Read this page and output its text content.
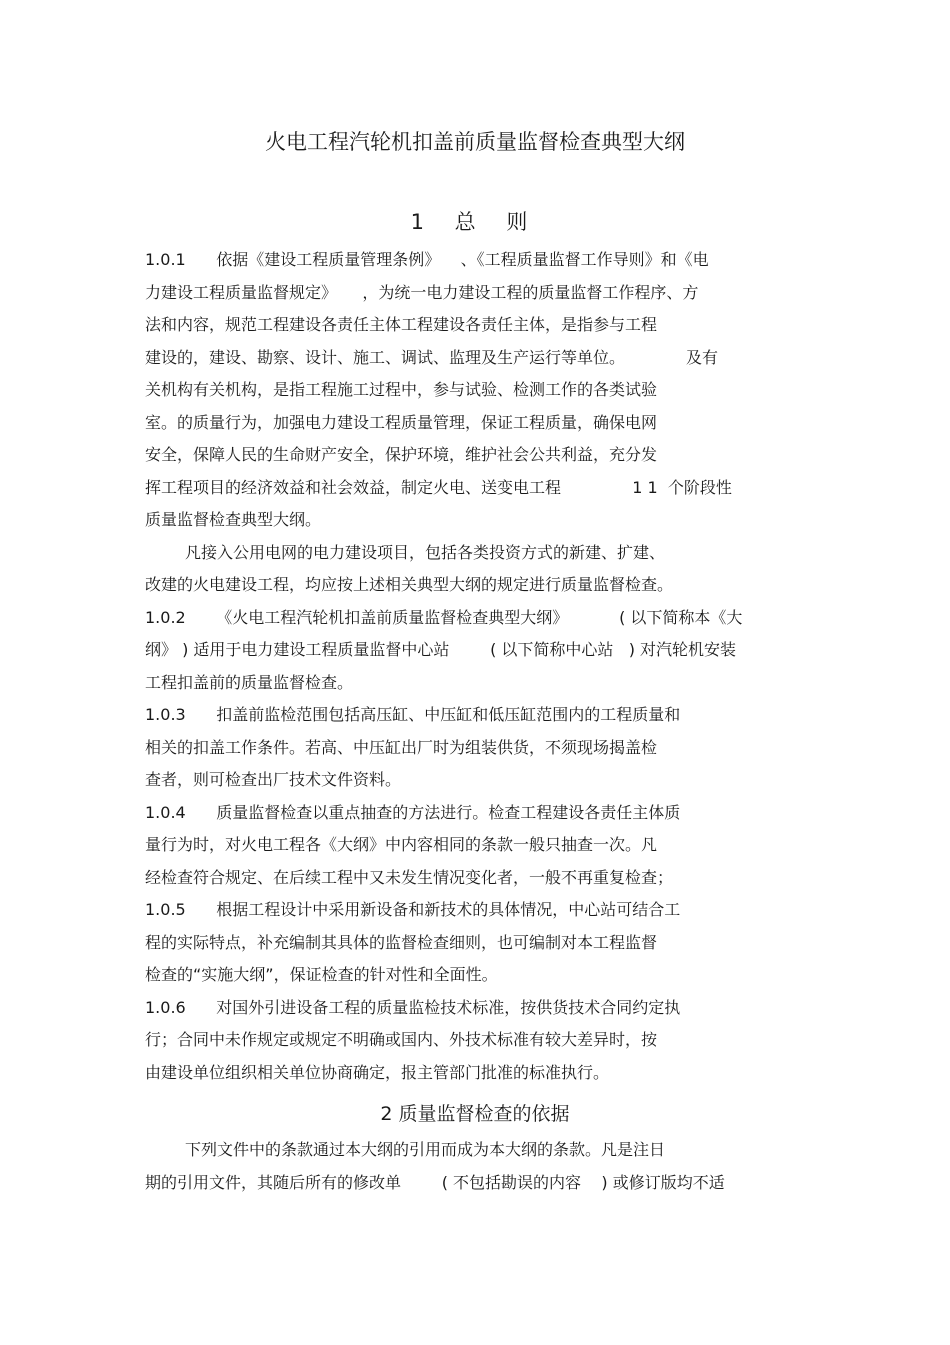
火电工程汽轮机扣盖前质量监督检查典型大纲
1 总 则
1.0.1      依据《建设工程质量管理条例》    、《工程质量监督工作导则》和《电
力建设工程质量监督规定》     ，为统一电力建设工程的质量监督工作程序、方
法和内容，规范工程建设各责任主体工程建设各责任主体，是指参与工程
建设的，建设、勘察、设计、施工、调试、监理及生产运行等单位。            及有
关机构有关机构，是指工程施工过程中，参与试验、检测工作的各类试验
室。的质量行为，加强电力建设工程质量管理，保证工程质量，确保电网
安全，保障人民的生命财产安全，保护环境，维护社会公共利益，充分发
挥工程项目的经济效益和社会效益，制定火电、送变电工程              1 1  个阶段性
质量监督检查典型大纲。
凡接入公用电网的电力建设项目，包括各类投资方式的新建、扩建、
改建的火电建设工程，均应按上述相关典型大纲的规定进行质量监督检查。
1.0.2      《火电工程汽轮机扣盖前质量监督检查典型大纲》          ( 以下简称本《大
纲》 ) 适用于电力建设工程质量监督中心站        ( 以下简称中心站   ) 对汽轮机安装
工程扣盖前的质量监督检查。
1.0.3      扣盖前监检范围包括高压缸、中压缸和低压缸范围内的工程质量和
相关的扣盖工作条件。若高、中压缸出厂时为组装供货，不须现场揭盖检
查者，则可检查出厂技术文件资料。
1.0.4      质量监督检查以重点抽查的方法进行。检查工程建设各责任主体质
量行为时，对火电工程各《大纲》中内容相同的条款一般只抽查一次。凡
经检查符合规定、在后续工程中又未发生情况变化者，一般不再重复检查；
1.0.5      根据工程设计中采用新设备和新技术的具体情况，中心站可结合工
程的实际特点，补充编制其具体的监督检查细则，也可编制对本工程监督
检查的“实施大纲”，保证检查的针对性和全面性。
1.0.6      对国外引进设备工程的质量监检技术标准，按供货技术合同约定执
行；合同中未作规定或规定不明确或国内、外技术标准有较大差异时，按
由建设单位组织相关单位协商确定，报主管部门批准的标准执行。
2 质量监督检查的依据
下列文件中的条款通过本大纲的引用而成为本大纲的条款。凡是注日
期的引用文件，其随后所有的修改单        ( 不包括勘误的内容    ) 或修订版均不适
